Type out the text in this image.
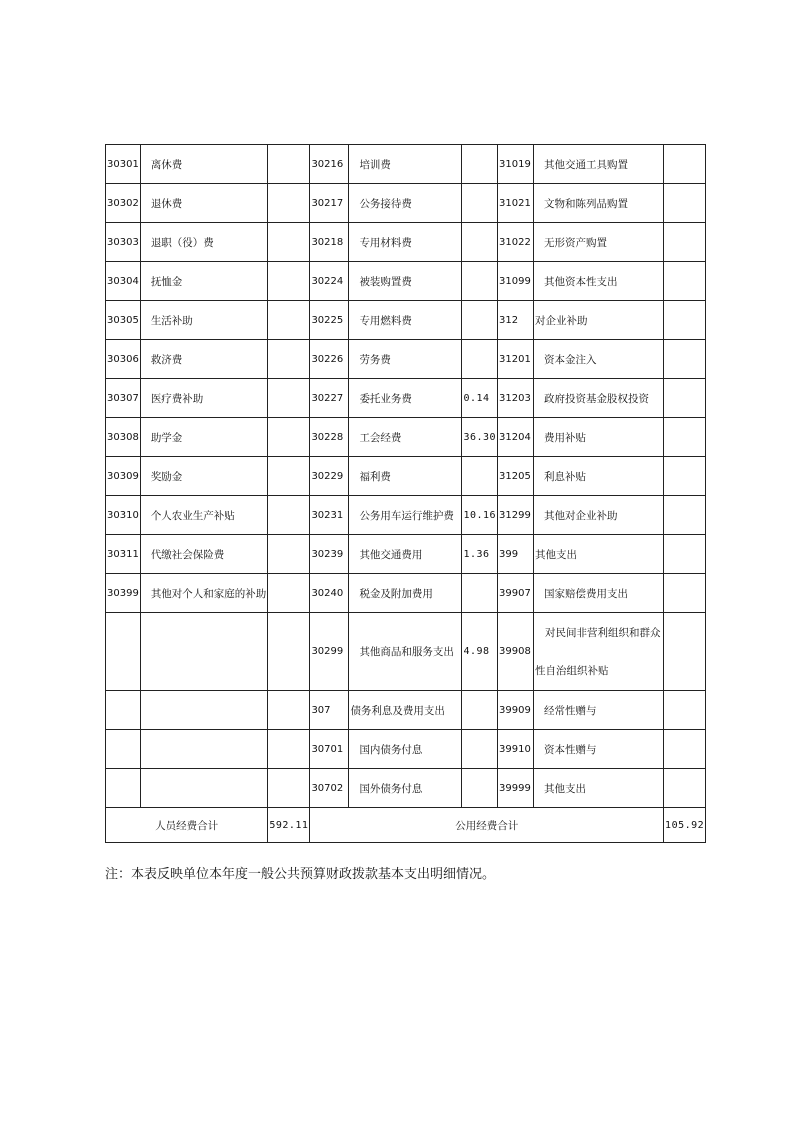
30301	离休费		30216	培训费		31019	其他交通工具购置	
30302	退休费		30217	公务接待费		31021	文物和陈列品购置	
30303	退职（役）费		30218	专用材料费		31022	无形资产购置	
30304	抚恤金		30224	被装购置费		31099	其他资本性支出	
30305	生活补助		30225	专用燃料费		312	对企业补助	
30306	救济费		30226	劳务费		31201	资本金注入	
30307	医疗费补助		30227	委托业务费	0.14	31203	政府投资基金股权投资	
30308	助学金		30228	工会经费	36.30	31204	费用补贴	
30309	奖励金		30229	福利费		31205	利息补贴	
30310	个人农业生产补贴		30231	公务用车运行维护费	10.16	31299	其他对企业补助	
30311	代缴社会保险费		30239	其他交通费用	1.36	399	其他支出	
30399	其他对个人和家庭的补助		30240	税金及附加费用		39907	国家赔偿费用支出	
			30299	其他商品和服务支出	4.98	39908	对民间非营利组织和群众
性自治组织补贴	

			307	债务利息及费用支出		39909	经常性赠与	
			30701	国内债务付息		39910	资本性赠与	
			30702	国外债务付息		39999	其他支出	
人员经费合计		592.11	公用经费合计					105.92
注：本表反映单位本年度一般公共预算财政拨款基本支出明细情况。
